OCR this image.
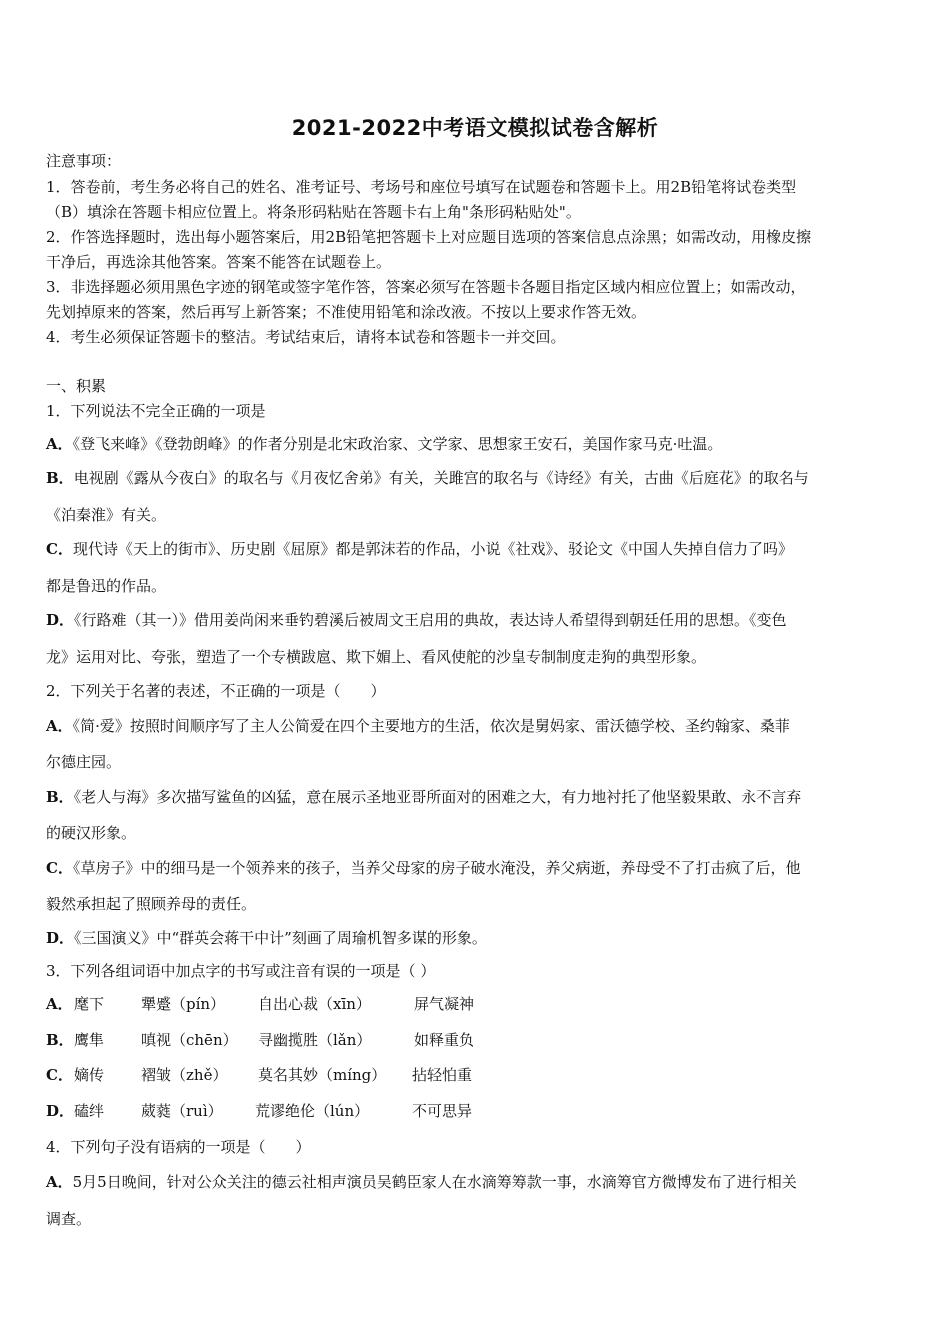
2021-2022中考语文模拟试卷含解析
注意事项：
1．答卷前，考生务必将自己的姓名、准考证号、考场号和座位号填写在试题卷和答题卡上。用2B铅笔将试卷类型
（B）填涂在答题卡相应位置上。将条形码粘贴在答题卡右上角"条形码粘贴处"。
2．作答选择题时，选出每小题答案后，用2B铅笔把答题卡上对应题目选项的答案信息点涂黑；如需改动，用橡皮擦
干净后，再选涂其他答案。答案不能答在试题卷上。
3．非选择题必须用黑色字迹的钢笔或签字笔作答，答案必须写在答题卡各题目指定区域内相应位置上；如需改动，
先划掉原来的答案，然后再写上新答案；不准使用铅笔和涂改液。不按以上要求作答无效。
4．考生必须保证答题卡的整洁。考试结束后，请将本试卷和答题卡一并交回。
一、积累
1．下列说法不完全正确的一项是
A．《登飞来峰》《登勃朗峰》的作者分别是北宋政治家、文学家、思想家王安石，美国作家马克·吐温。
B．电视剧《露从今夜白》的取名与《月夜忆舍弟》有关，关雎宫的取名与《诗经》有关，古曲《后庭花》的取名与
《泊秦淮》有关。
C．现代诗《天上的街市》、历史剧《屈原》都是郭沫若的作品，小说《社戏》、驳论文《中国人失掉自信力了吗》
都是鲁迅的作品。
D．《行路难（其一）》借用姜尚闲来垂钓碧溪后被周文王启用的典故，表达诗人希望得到朝廷任用的思想。《变色
龙》运用对比、夸张，塑造了一个专横跋扈、欺下媚上、看风使舵的沙皇专制制度走狗的典型形象。
2．下列关于名著的表述，不正确的一项是（　　）
A．《简·爱》按照时间顺序写了主人公简爱在四个主要地方的生活，依次是舅妈家、雷沃德学校、圣约翰家、桑菲
尔德庄园。
B．《老人与海》多次描写鲨鱼的凶猛，意在展示圣地亚哥所面对的困难之大，有力地衬托了他坚毅果敢、永不言弃
的硬汉形象。
C．《草房子》中的细马是一个领养来的孩子，当养父母家的房子破水淹没，养父病逝，养母受不了打击疯了后，他
毅然承担起了照顾养母的责任。
D．《三国演义》中“群英会蒋干中计”刻画了周瑜机智多谋的形象。
3．下列各组词语中加点字的书写或注音有误的一项是（ ）
A． 麾下 犟蹙（pín） 自出心裁（xīn）	屏气凝神
B． 鹰隼 嗔视（chēn） 寻幽揽胜（lǎn）	如释重负
C． 嫡传 褶皱（zhě） 莫名其妙（míng） 拈轻怕重
D． 磕绊 葳蕤（ruì） 荒谬绝伦（lún）	不可思异
4．下列句子没有语病的一项是（　　）
A．5月5日晚间，针对公众关注的德云社相声演员吴鹤臣家人在水滴筹筹款一事，水滴筹官方微博发布了进行相关
调查。
